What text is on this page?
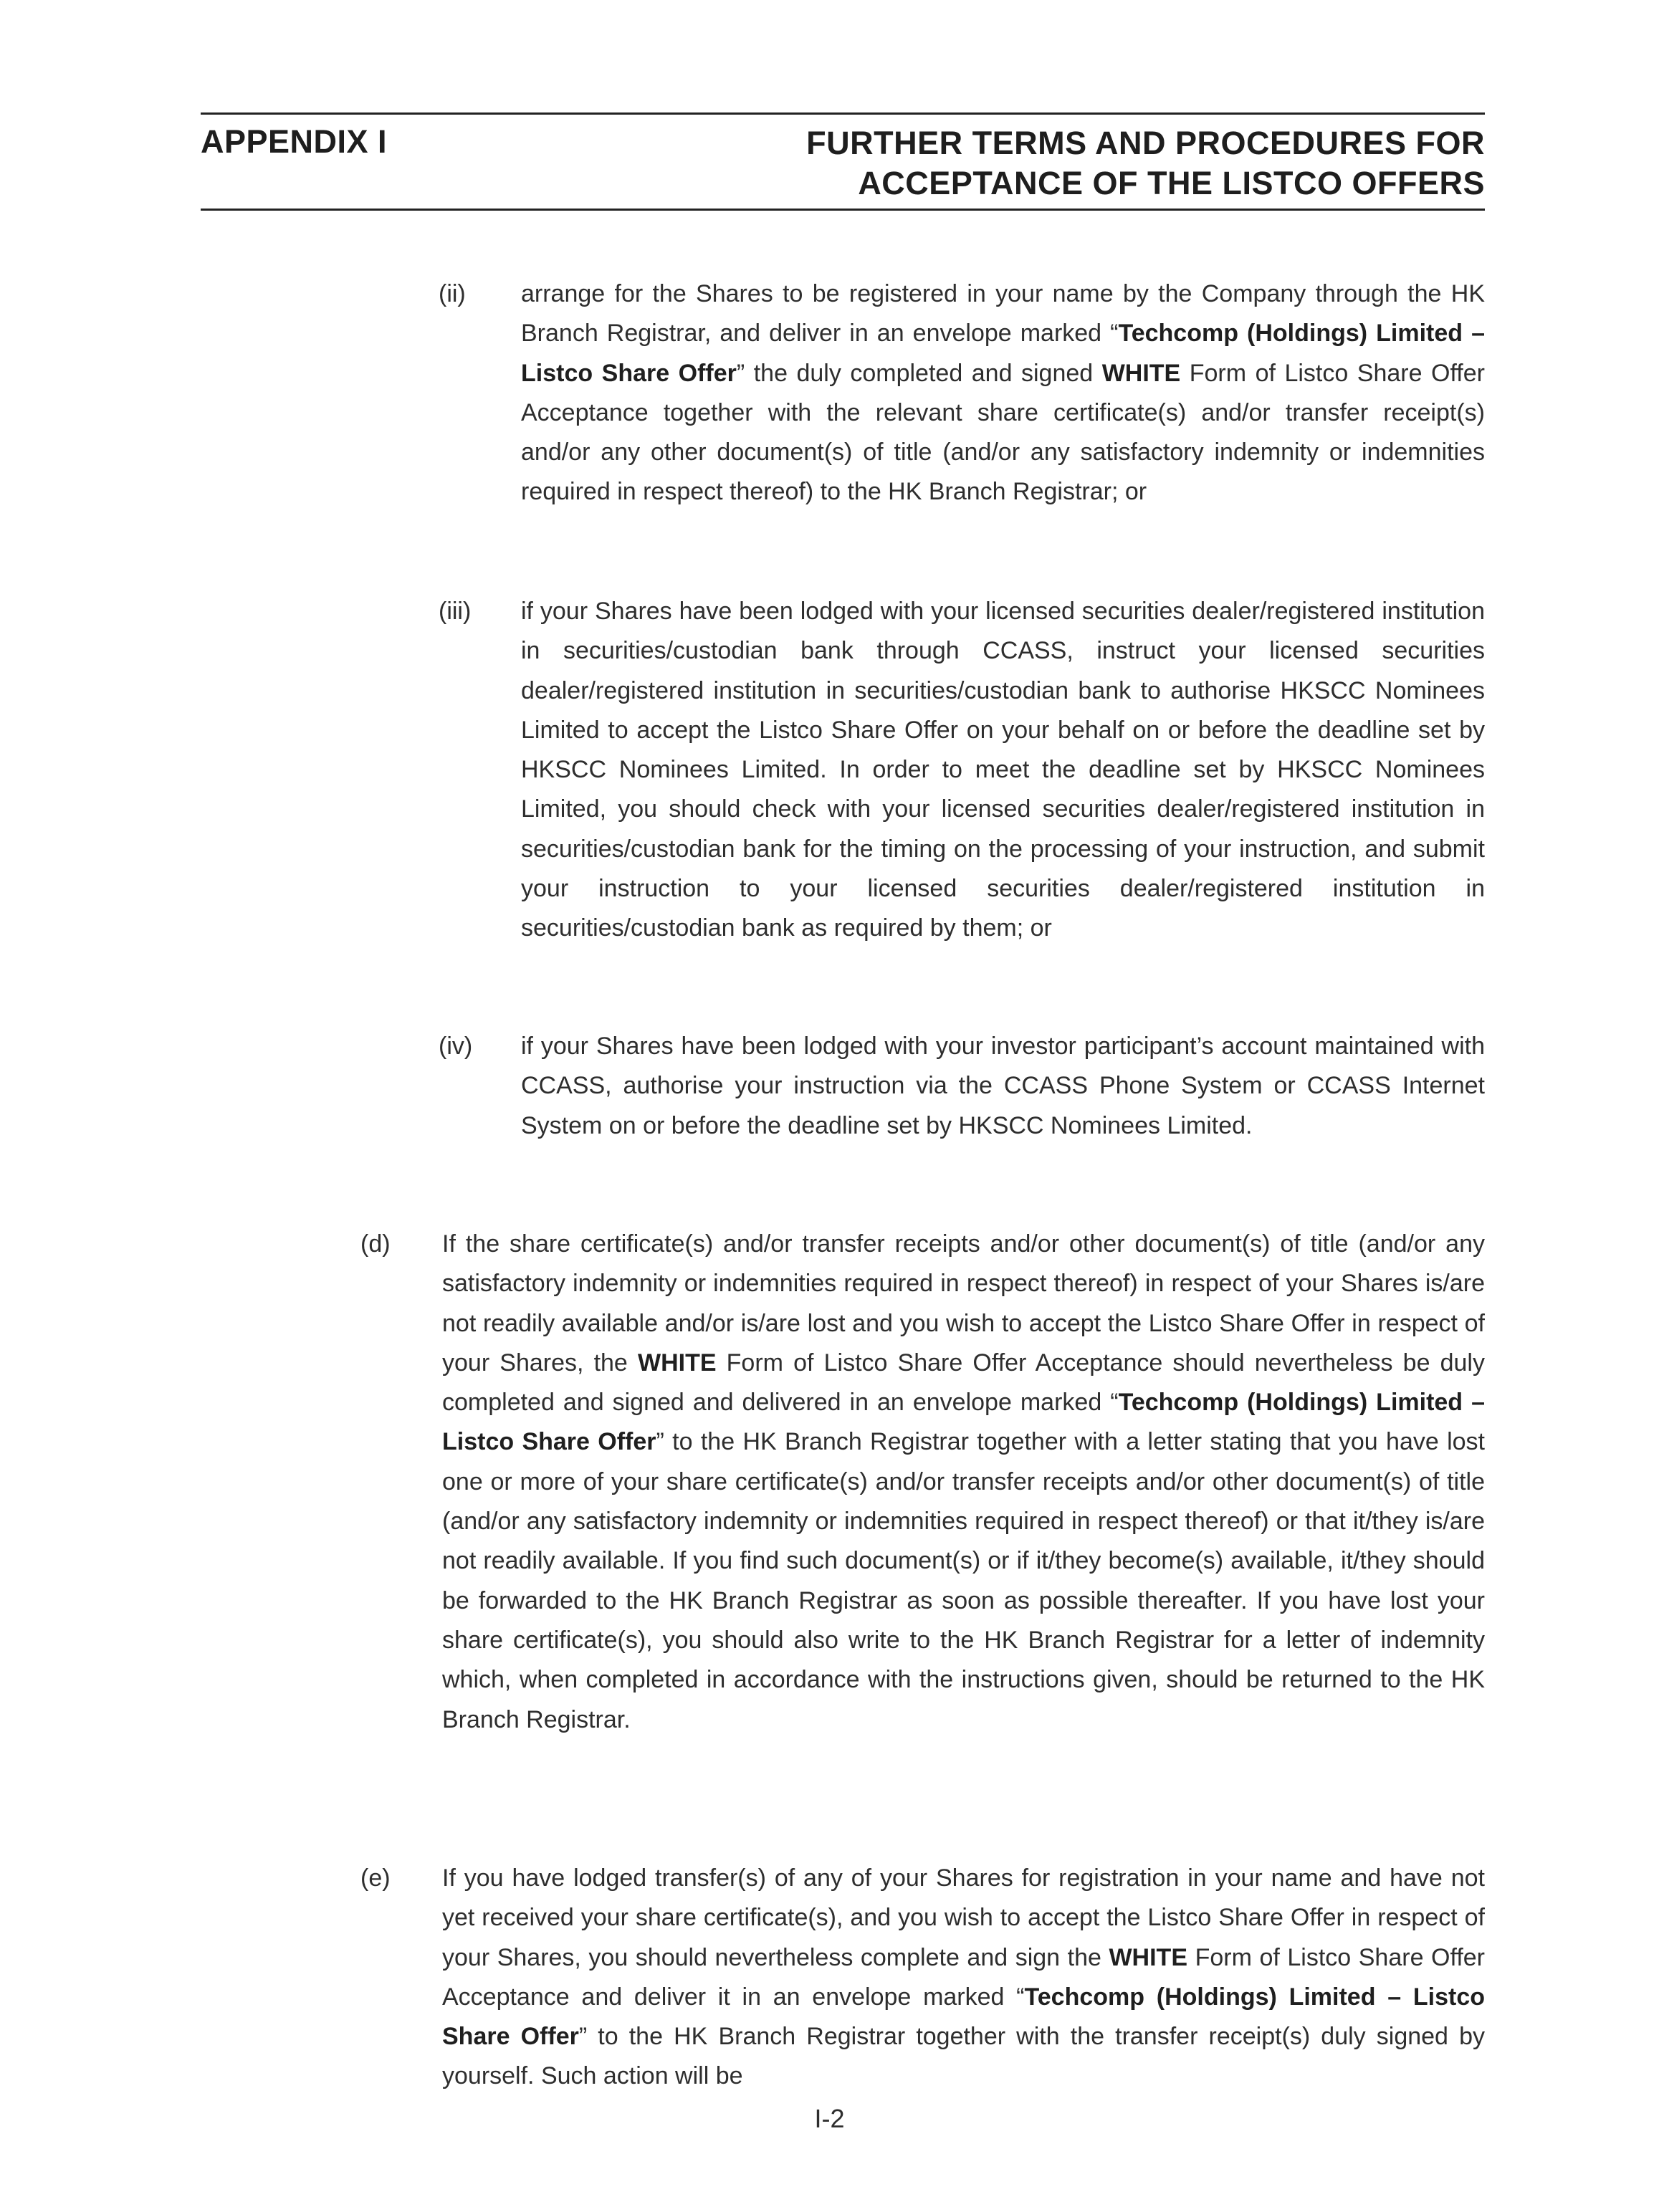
APPENDIX I	FURTHER TERMS AND PROCEDURES FOR
ACCEPTANCE OF THE LISTCO OFFERS
(ii) arrange for the Shares to be registered in your name by the Company through the HK Branch Registrar, and deliver in an envelope marked “Techcomp (Holdings) Limited – Listco Share Offer” the duly completed and signed WHITE Form of Listco Share Offer Acceptance together with the relevant share certificate(s) and/or transfer receipt(s) and/or any other document(s) of title (and/or any satisfactory indemnity or indemnities required in respect thereof) to the HK Branch Registrar; or

(iii) if your Shares have been lodged with your licensed securities dealer/registered institution in securities/custodian bank through CCASS, instruct your licensed securities dealer/registered institution in securities/custodian bank to authorise HKSCC Nominees Limited to accept the Listco Share Offer on your behalf on or before the deadline set by HKSCC Nominees Limited. In order to meet the deadline set by HKSCC Nominees Limited, you should check with your licensed securities dealer/registered institution in securities/custodian bank for the timing on the processing of your instruction, and submit your instruction to your licensed securities dealer/registered institution in securities/custodian bank as required by them; or

(iv) if your Shares have been lodged with your investor participant’s account maintained with CCASS, authorise your instruction via the CCASS Phone System or CCASS Internet System on or before the deadline set by HKSCC Nominees Limited.

(d) If the share certificate(s) and/or transfer receipts and/or other document(s) of title (and/or any satisfactory indemnity or indemnities required in respect thereof) in respect of your Shares is/are not readily available and/or is/are lost and you wish to accept the Listco Share Offer in respect of your Shares, the WHITE Form of Listco Share Offer Acceptance should nevertheless be duly completed and signed and delivered in an envelope marked “Techcomp (Holdings) Limited – Listco Share Offer” to the HK Branch Registrar together with a letter stating that you have lost one or more of your share certificate(s) and/or transfer receipts and/or other document(s) of title (and/or any satisfactory indemnity or indemnities required in respect thereof) or that it/they is/are not readily available. If you find such document(s) or if it/they become(s) available, it/they should be forwarded to the HK Branch Registrar as soon as possible thereafter. If you have lost your share certificate(s), you should also write to the HK Branch Registrar for a letter of indemnity which, when completed in accordance with the instructions given, should be returned to the HK Branch Registrar.

(e) If you have lodged transfer(s) of any of your Shares for registration in your name and have not yet received your share certificate(s), and you wish to accept the Listco Share Offer in respect of your Shares, you should nevertheless complete and sign the WHITE Form of Listco Share Offer Acceptance and deliver it in an envelope marked “Techcomp (Holdings) Limited – Listco Share Offer” to the HK Branch Registrar together with the transfer receipt(s) duly signed by yourself. Such action will be

I-2
